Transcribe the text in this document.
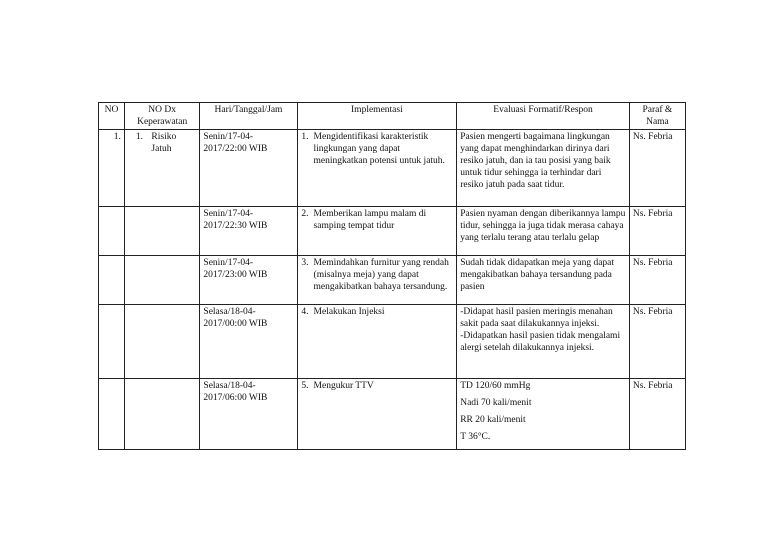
NO	NO Dx Keperawatan	Hari/Tanggal/Jam	Implementasi	Evaluasi Formatif/Respon	Paraf & Nama
1.	1. Risiko Jatuh	Senin/17-04-
2017/22:00 WIB	1. Mengidentifikasi karakteristik lingkungan yang dapat meningkatkan potensi untuk jatuh.	Pasien mengerti bagaimana lingkungan yang dapat menghindarkan dirinya dari resiko jatuh, dan ia tau posisi yang baik untuk tidur sehingga ia terhindar dari resiko jatuh pada saat tidur.	Ns. Febria

		Senin/17-04-
2017/22:30 WIB	2. Memberikan lampu malam di samping tempat tidur	Pasien nyaman dengan diberikannya lampu tidur, sehingga ia juga tidak merasa cahaya yang terlalu terang atau terlalu gelap	Ns. Febria

		Senin/17-04-
2017/23:00 WIB	3. Memindahkan furnitur yang rendah (misalnya meja) yang dapat mengakibatkan bahaya tersandung.	Sudah tidak didapatkan meja yang dapat mengakibatkan bahaya tersandung pada pasien	Ns. Febria

		Selasa/18-04-
2017/00:00 WIB	4. Melakukan Injeksi	-Didapat hasil pasien meringis menahan sakit pada saat dilakukannya injeksi.
-Didapatkan hasil pasien tidak mengalami alergi setelah dilakukannya injeksi.	Ns. Febria

		Selasa/18-04-
2017/06:00 WIB	5. Mengukur TTV	TD 120/60 mmHg
Nadi 70 kali/menit
RR 20 kali/menit
T 36°C.	Ns. Febria
